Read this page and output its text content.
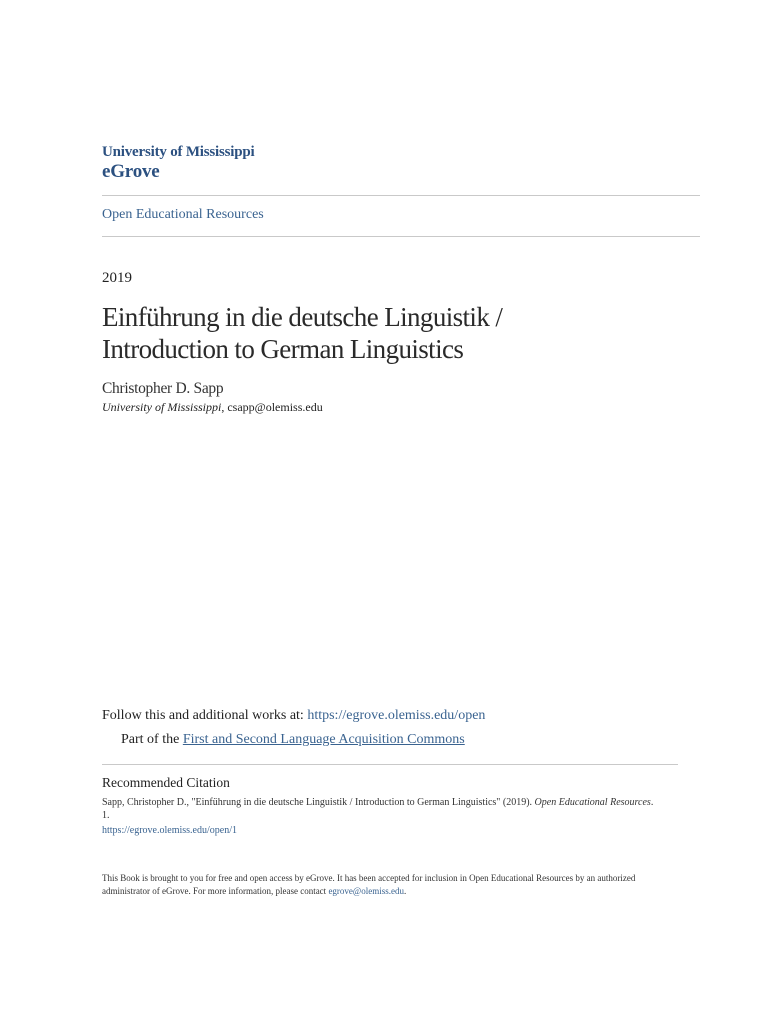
University of Mississippi
eGrove
Open Educational Resources
2019
Einführung in die deutsche Linguistik /
Introduction to German Linguistics
Christopher D. Sapp
University of Mississippi, csapp@olemiss.edu
Follow this and additional works at: https://egrove.olemiss.edu/open
Part of the First and Second Language Acquisition Commons
Recommended Citation
Sapp, Christopher D., "Einführung in die deutsche Linguistik / Introduction to German Linguistics" (2019). Open Educational Resources. 1.
https://egrove.olemiss.edu/open/1
This Book is brought to you for free and open access by eGrove. It has been accepted for inclusion in Open Educational Resources by an authorized administrator of eGrove. For more information, please contact egrove@olemiss.edu.
